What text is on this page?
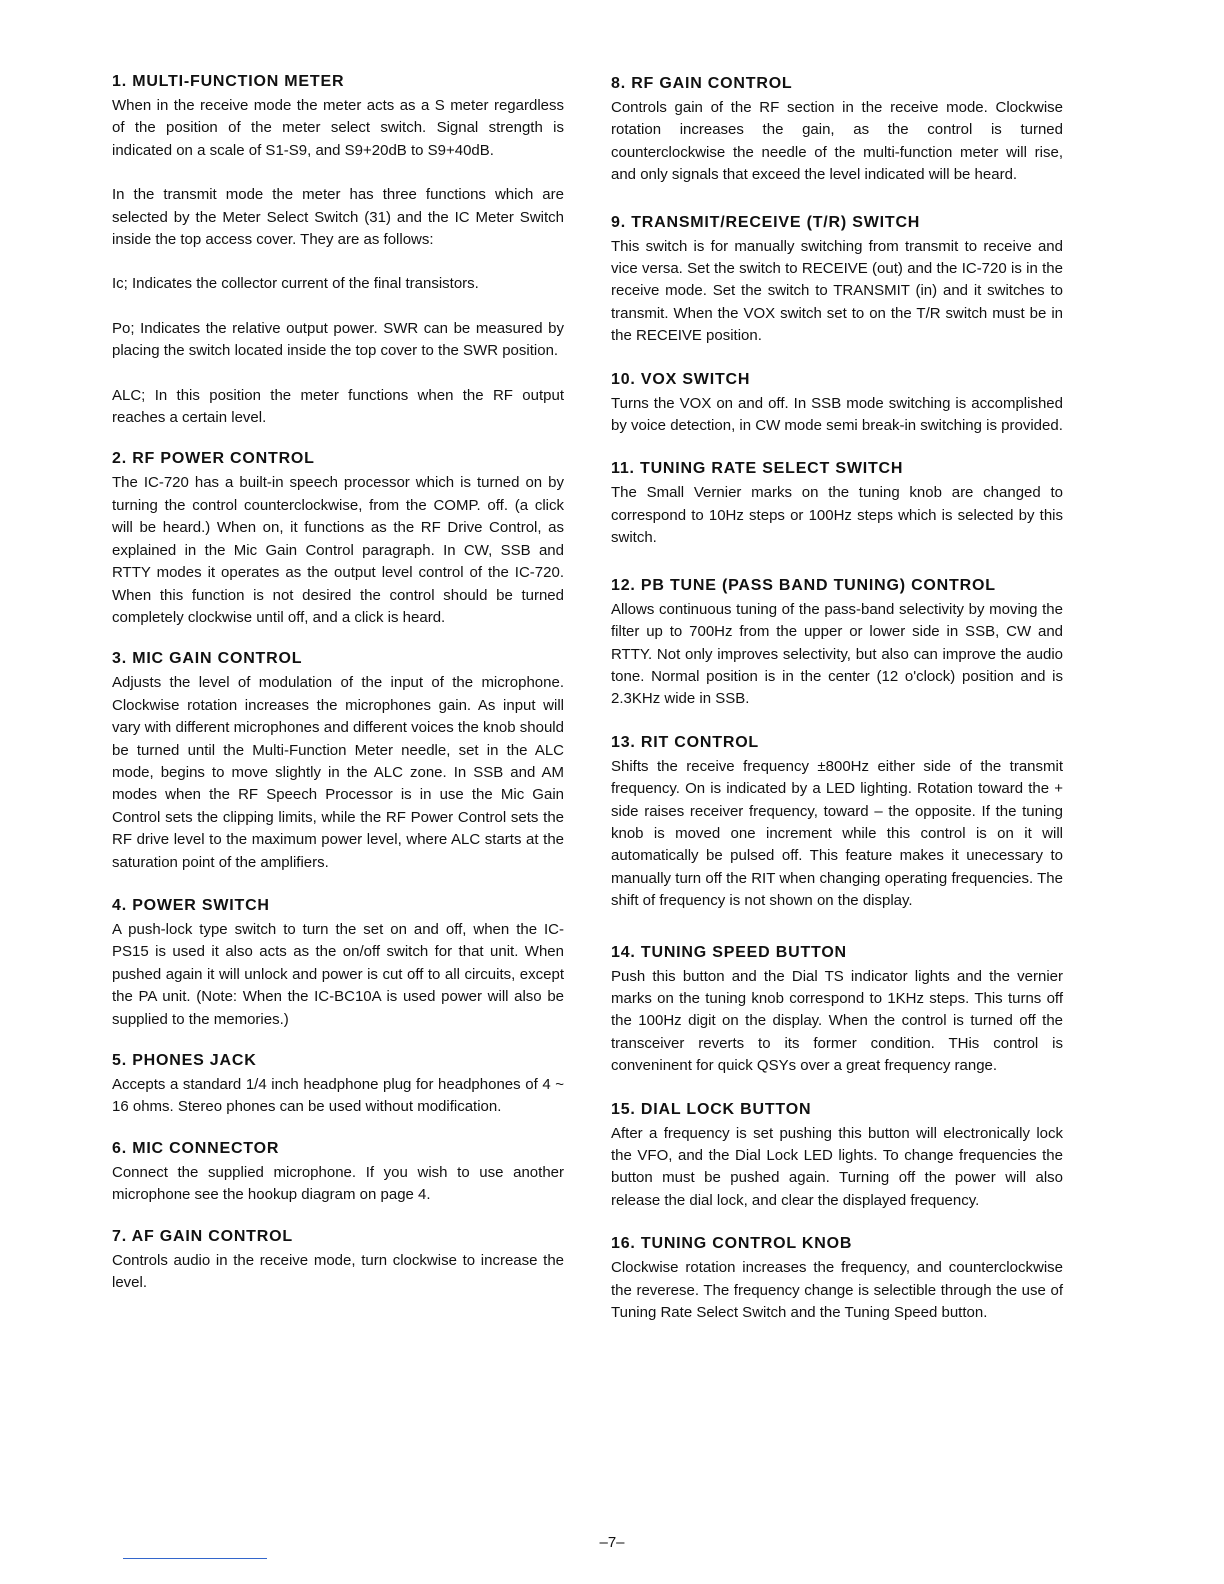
1. MULTI-FUNCTION METER

When in the receive mode the meter acts as a S meter regardless of the position of the meter select switch. Signal strength is indicated on a scale of S1-S9, and S9+20dB to S9+40dB.

In the transmit mode the meter has three functions which are selected by the Meter Select Switch (31) and the IC Meter Switch inside the top access cover. They are as follows:

Ic; Indicates the collector current of the final transistors.

Po; Indicates the relative output power. SWR can be measured by placing the switch located inside the top cover to the SWR position.

ALC; In this position the meter functions when the RF output reaches a certain level.

2. RF POWER CONTROL

The IC-720 has a built-in speech processor which is turned on by turning the control counterclockwise, from the COMP. off. (a click will be heard.) When on, it functions as the RF Drive Control, as explained in the Mic Gain Control paragraph. In CW, SSB and RTTY modes it operates as the output level control of the IC-720. When this function is not desired the control should be turned completely clockwise until off, and a click is heard.

3. MIC GAIN CONTROL

Adjusts the level of modulation of the input of the microphone. Clockwise rotation increases the microphones gain. As input will vary with different microphones and different voices the knob should be turned until the Multi-Function Meter needle, set in the ALC mode, begins to move slightly in the ALC zone. In SSB and AM modes when the RF Speech Processor is in use the Mic Gain Control sets the clipping limits, while the RF Power Control sets the RF drive level to the maximum power level, where ALC starts at the saturation point of the amplifiers.

4. POWER SWITCH

A push-lock type switch to turn the set on and off, when the IC-PS15 is used it also acts as the on/off switch for that unit. When pushed again it will unlock and power is cut off to all circuits, except the PA unit. (Note: When the IC-BC10A is used power will also be supplied to the memories.)

5. PHONES JACK

Accepts a standard 1/4 inch headphone plug for headphones of 4 ~ 16 ohms. Stereo phones can be used without modification.

6. MIC CONNECTOR

Connect the supplied microphone. If you wish to use another microphone see the hookup diagram on page 4.

7. AF GAIN CONTROL

Controls audio in the receive mode, turn clockwise to increase the level.

8. RF GAIN CONTROL

Controls gain of the RF section in the receive mode. Clockwise rotation increases the gain, as the control is turned counterclockwise the needle of the multi-function meter will rise, and only signals that exceed the level indicated will be heard.

9. TRANSMIT/RECEIVE (T/R) SWITCH

This switch is for manually switching from transmit to receive and vice versa. Set the switch to RECEIVE (out) and the IC-720 is in the receive mode. Set the switch to TRANSMIT (in) and it switches to transmit. When the VOX switch set to on the T/R switch must be in the RECEIVE position.

10. VOX SWITCH

Turns the VOX on and off. In SSB mode switching is accomplished by voice detection, in CW mode semi break-in switching is provided.

11. TUNING RATE SELECT SWITCH

The Small Vernier marks on the tuning knob are changed to correspond to 10Hz steps or 100Hz steps which is selected by this switch.

12. PB TUNE (PASS BAND TUNING) CONTROL

Allows continuous tuning of the pass-band selectivity by moving the filter up to 700Hz from the upper or lower side in SSB, CW and RTTY. Not only improves selectivity, but also can improve the audio tone. Normal position is in the center (12 o'clock) position and is 2.3KHz wide in SSB.

13. RIT CONTROL

Shifts the receive frequency ±800Hz either side of the transmit frequency. On is indicated by a LED lighting. Rotation toward the + side raises receiver frequency, toward – the opposite. If the tuning knob is moved one increment while this control is on it will automatically be pulsed off. This feature makes it unecessary to manually turn off the RIT when changing operating frequencies. The shift of frequency is not shown on the display.

14. TUNING SPEED BUTTON

Push this button and the Dial TS indicator lights and the vernier marks on the tuning knob correspond to 1KHz steps. This turns off the 100Hz digit on the display. When the control is turned off the transceiver reverts to its former condition. THis control is conveninent for quick QSYs over a great frequency range.

15. DIAL LOCK BUTTON

After a frequency is set pushing this button will electronically lock the VFO, and the Dial Lock LED lights. To change frequencies the button must be pushed again. Turning off the power will also release the dial lock, and clear the displayed frequency.

16. TUNING CONTROL KNOB

Clockwise rotation increases the frequency, and counterclockwise the reverese. The frequency change is selectible through the use of Tuning Rate Select Switch and the Tuning Speed button.

–7–
